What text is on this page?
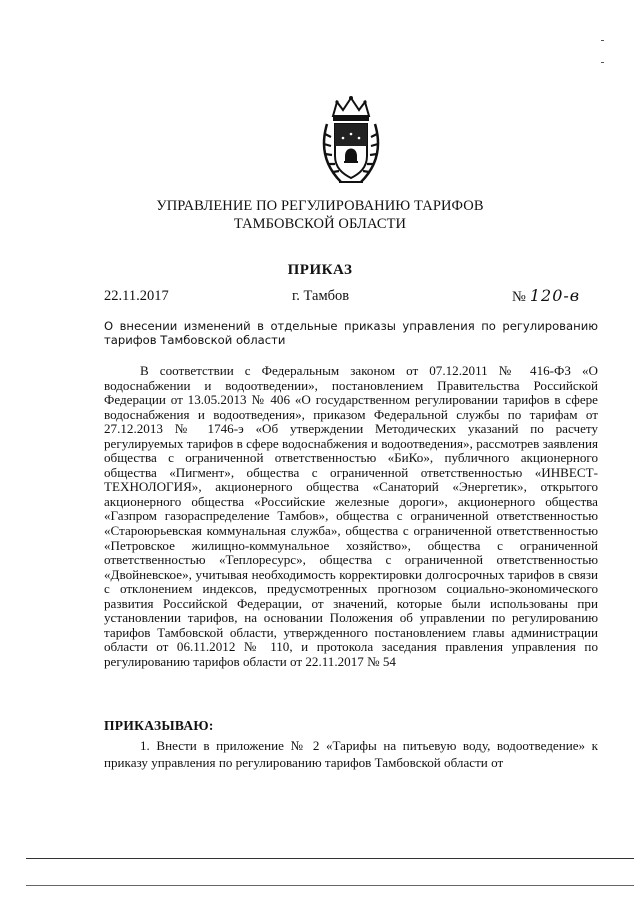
УПРАВЛЕНИЕ ПО РЕГУЛИРОВАНИЮ ТАРИФОВ
ТАМБОВСКОЙ ОБЛАСТИ
ПРИКАЗ
22.11.2017	г. Тамбов	№ 120-в
О внесении изменений в отдельные приказы управления по регулированию тарифов Тамбовской области
В соответствии с Федеральным законом от 07.12.2011 № 416-ФЗ «О водоснабжении и водоотведении», постановлением Правительства Российской Федерации от 13.05.2013 № 406 «О государственном регулировании тарифов в сфере водоснабжения и водоотведения», приказом Федеральной службы по тарифам от 27.12.2013 № 1746-э «Об утверждении Методических указаний по расчету регулируемых тарифов в сфере водоснабжения и водоотведения», рассмотрев заявления общества с ограниченной ответственностью «БиКо», публичного акционерного общества «Пигмент», общества с ограниченной ответственностью «ИНВЕСТ-ТЕХНОЛОГИЯ», акционерного общества «Санаторий «Энергетик», открытого акционерного общества «Российские железные дороги», акционерного общества «Газпром газораспределение Тамбов», общества с ограниченной ответственностью «Староюрьевская коммунальная служба», общества с ограниченной ответственностью «Петровское жилищно-коммунальное хозяйство», общества с ограниченной ответственностью «Теплоресурс», общества с ограниченной ответственностью «Двойневское», учитывая необходимость корректировки долгосрочных тарифов в связи с отклонением индексов, предусмотренных прогнозом социально-экономического развития Российской Федерации, от значений, которые были использованы при установлении тарифов, на основании Положения об управлении по регулированию тарифов Тамбовской области, утвержденного постановлением главы администрации области от 06.11.2012 № 110, и протокола заседания правления управления по регулированию тарифов области от 22.11.2017 № 54
ПРИКАЗЫВАЮ:
1. Внести в приложение № 2 «Тарифы на питьевую воду, водоотведение» к приказу управления по регулированию тарифов Тамбовской области от
